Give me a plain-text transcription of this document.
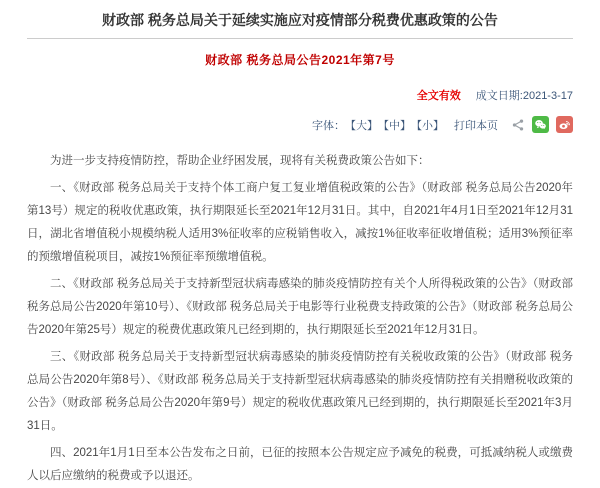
财政部 税务总局关于延续实施应对疫情部分税费优惠政策的公告
财政部 税务总局公告2021年第7号
全文有效 成文日期:2021-3-17
字体： 【大】 【中】 【小】 打印本页

为进一步支持疫情防控，帮助企业纾困发展，现将有关税费政策公告如下：

一、《财政部 税务总局关于支持个体工商户复工复业增值税政策的公告》（财政部 税务总局公告2020年第13号）规定的税收优惠政策，执行期限延长至2021年12月31日。其中，自2021年4月1日至2021年12月31日，湖北省增值税小规模纳税人适用3%征收率的应税销售收入，减按1%征收率征收增值税；适用3%预征率的预缴增值税项目，减按1%预征率预缴增值税。

二、《财政部 税务总局关于支持新型冠状病毒感染的肺炎疫情防控有关个人所得税政策的公告》（财政部 税务总局公告2020年第10号）、《财政部 税务总局关于电影等行业税费支持政策的公告》（财政部 税务总局公告2020年第25号）规定的税费优惠政策凡已经到期的，执行期限延长至2021年12月31日。

三、《财政部 税务总局关于支持新型冠状病毒感染的肺炎疫情防控有关税收政策的公告》（财政部 税务总局公告2020年第8号）、《财政部 税务总局关于支持新型冠状病毒感染的肺炎疫情防控有关捐赠税收政策的公告》（财政部 税务总局公告2020年第9号）规定的税收优惠政策凡已经到期的，执行期限延长至2021年3月31日。

四、2021年1月1日至本公告发布之日前，已征的按照本公告规定应予减免的税费，可抵减纳税人或缴费人以后应缴纳的税费或予以退还。
